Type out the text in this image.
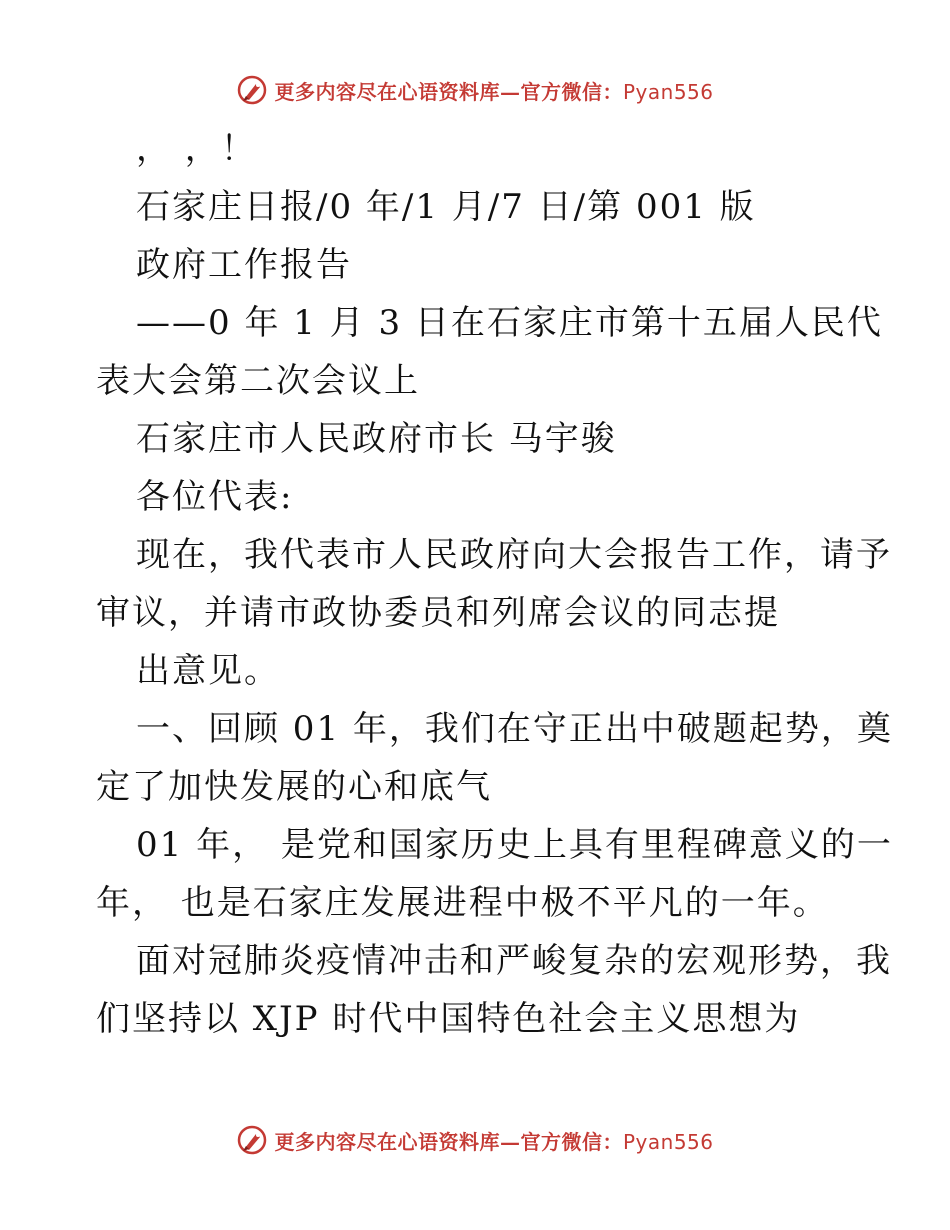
更多内容尽在心语资料库—官方微信：Pyan556
， ，！
石家庄日报/0 年/1 月/7 日/第 001 版
政府工作报告
——0 年 1 月 3 日在石家庄市第十五届人民代
表大会第二次会议上
石家庄市人民政府市长 马宇骏
各位代表:
现在，我代表市人民政府向大会报告工作，请予
审议，并请市政协委员和列席会议的同志提
出意见。
一、回顾 01 年，我们在守正出中破题起势，奠
定了加快发展的心和底气
01 年， 是党和国家历史上具有里程碑意义的一
年， 也是石家庄发展进程中极不平凡的一年。
面对冠肺炎疫情冲击和严峻复杂的宏观形势，我
们坚持以 XJP 时代中国特色社会主义思想为
更多内容尽在心语资料库—官方微信：Pyan556
